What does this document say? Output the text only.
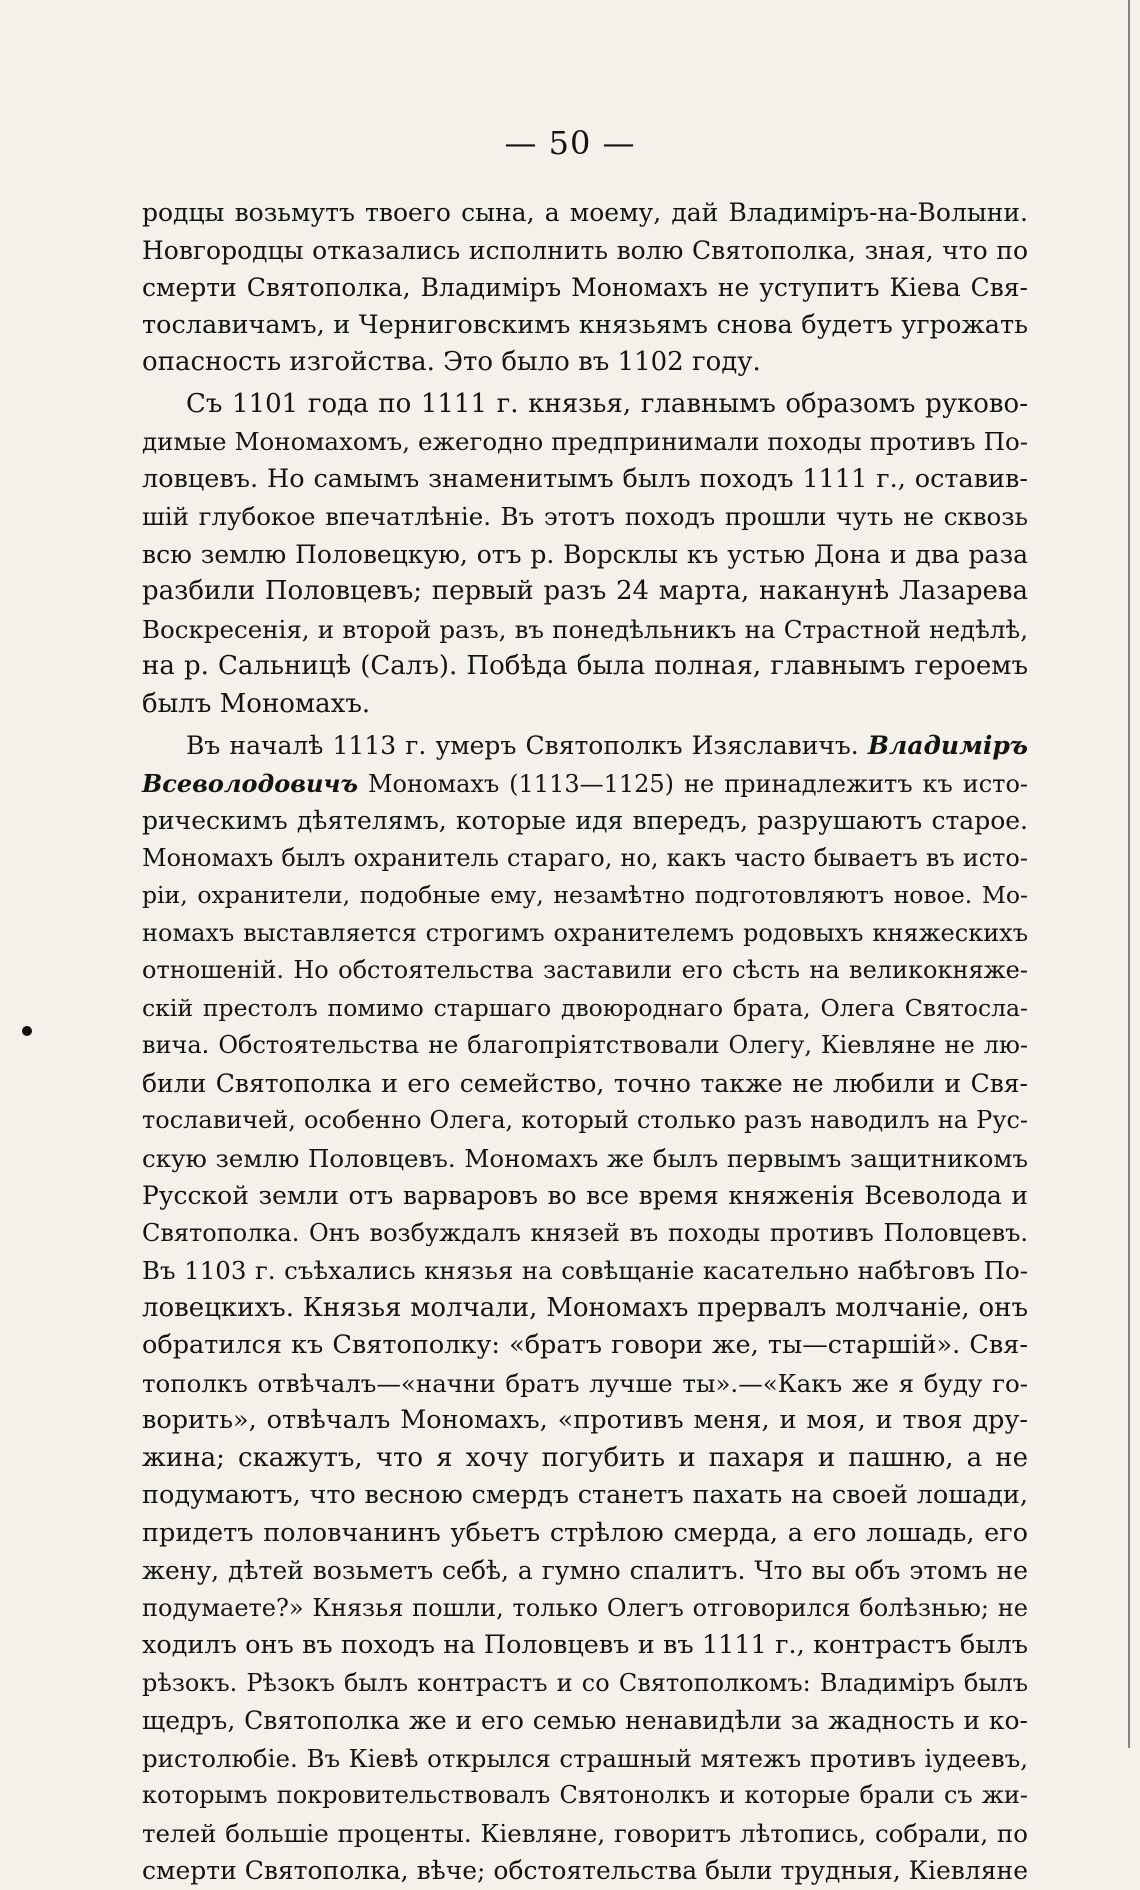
— 50 —
родцы возьмутъ твоего сына, а моему, дай Владиміръ-на-Волыни.
Новгородцы отказались исполнить волю Святополка, зная, что по
смерти Святополка, Владиміръ Мономахъ не уступитъ Кіева Свя-
тославичамъ, и Черниговскимъ князьямъ снова будетъ угрожать
опасность изгойства. Это было въ 1102 году.
Съ 1101 года по 1111 г. князья, главнымъ образомъ руково-
димые Мономахомъ, ежегодно предпринимали походы противъ По-
ловцевъ. Но самымъ знаменитымъ былъ походъ 1111 г., оставив-
шій глубокое впечатлѣніе. Въ этотъ походъ прошли чуть не сквозь
всю землю Половецкую, отъ р. Ворсклы къ устью Дона и два раза
разбили Половцевъ; первый разъ 24 марта, наканунѣ Лазарева
Воскресенія, и второй разъ, въ понедѣльникъ на Страстной недѣлѣ,
на р. Сальницѣ (Салъ). Побѣда была полная, главнымъ героемъ
былъ Мономахъ.
Въ началѣ 1113 г. умеръ Святополкъ Изяславичъ. Владиміръ
Всеволодовичъ Мономахъ (1113—1125) не принадлежитъ къ исто-
рическимъ дѣятелямъ, которые идя впередъ, разрушаютъ старое.
Мономахъ былъ охранитель стараго, но, какъ часто бываетъ въ исто-
ріи, охранители, подобные ему, незамѣтно подготовляютъ новое. Мо-
номахъ выставляется строгимъ охранителемъ родовыхъ княжескихъ
отношеній. Но обстоятельства заставили его сѣсть на великокняже-
скій престолъ помимо старшаго двоюроднаго брата, Олега Святосла-
вича. Обстоятельства не благопріятствовали Олегу, Кіевляне не лю-
били Святополка и его семейство, точно также не любили и Свя-
тославичей, особенно Олега, который столько разъ наводилъ на Рус-
скую землю Половцевъ. Мономахъ же былъ первымъ защитникомъ
Русской земли отъ варваровъ во все время княженія Всеволода и
Святополка. Онъ возбуждалъ князей въ походы противъ Половцевъ.
Въ 1103 г. съѣхались князья на совѣщаніе касательно набѣговъ По-
ловецкихъ. Князья молчали, Мономахъ прервалъ молчаніе, онъ
обратился къ Святополку: «братъ говори же, ты—старшій». Свя-
тополкъ отвѣчалъ—«начни братъ лучше ты».—«Какъ же я буду го-
ворить», отвѣчалъ Мономахъ, «противъ меня, и моя, и твоя дру-
жина; скажутъ, что я хочу погубить и пахаря и пашню, а не
подумаютъ, что весною смердъ станетъ пахать на своей лошади,
придетъ половчанинъ убьетъ стрѣлою смерда, а его лошадь, его
жену, дѣтей возьметъ себѣ, а гумно спалитъ. Что вы объ этомъ не
подумаете?» Князья пошли, только Олегъ отговорился болѣзнью; не
ходилъ онъ въ походъ на Половцевъ и въ 1111 г., контрастъ былъ
рѣзокъ. Рѣзокъ былъ контрастъ и со Святополкомъ: Владиміръ былъ
щедръ, Святополка же и его семью ненавидѣли за жадность и ко-
ристолюбіе. Въ Кіевѣ открылся страшный мятежъ противъ іудеевъ,
которымъ покровительствовалъ Святонолкъ и которые брали съ жи-
телей большіе проценты. Кіевляне, говоритъ лѣтопись, собрали, по
смерти Святополка, вѣче; обстоятельства были трудныя, Кіевляне
